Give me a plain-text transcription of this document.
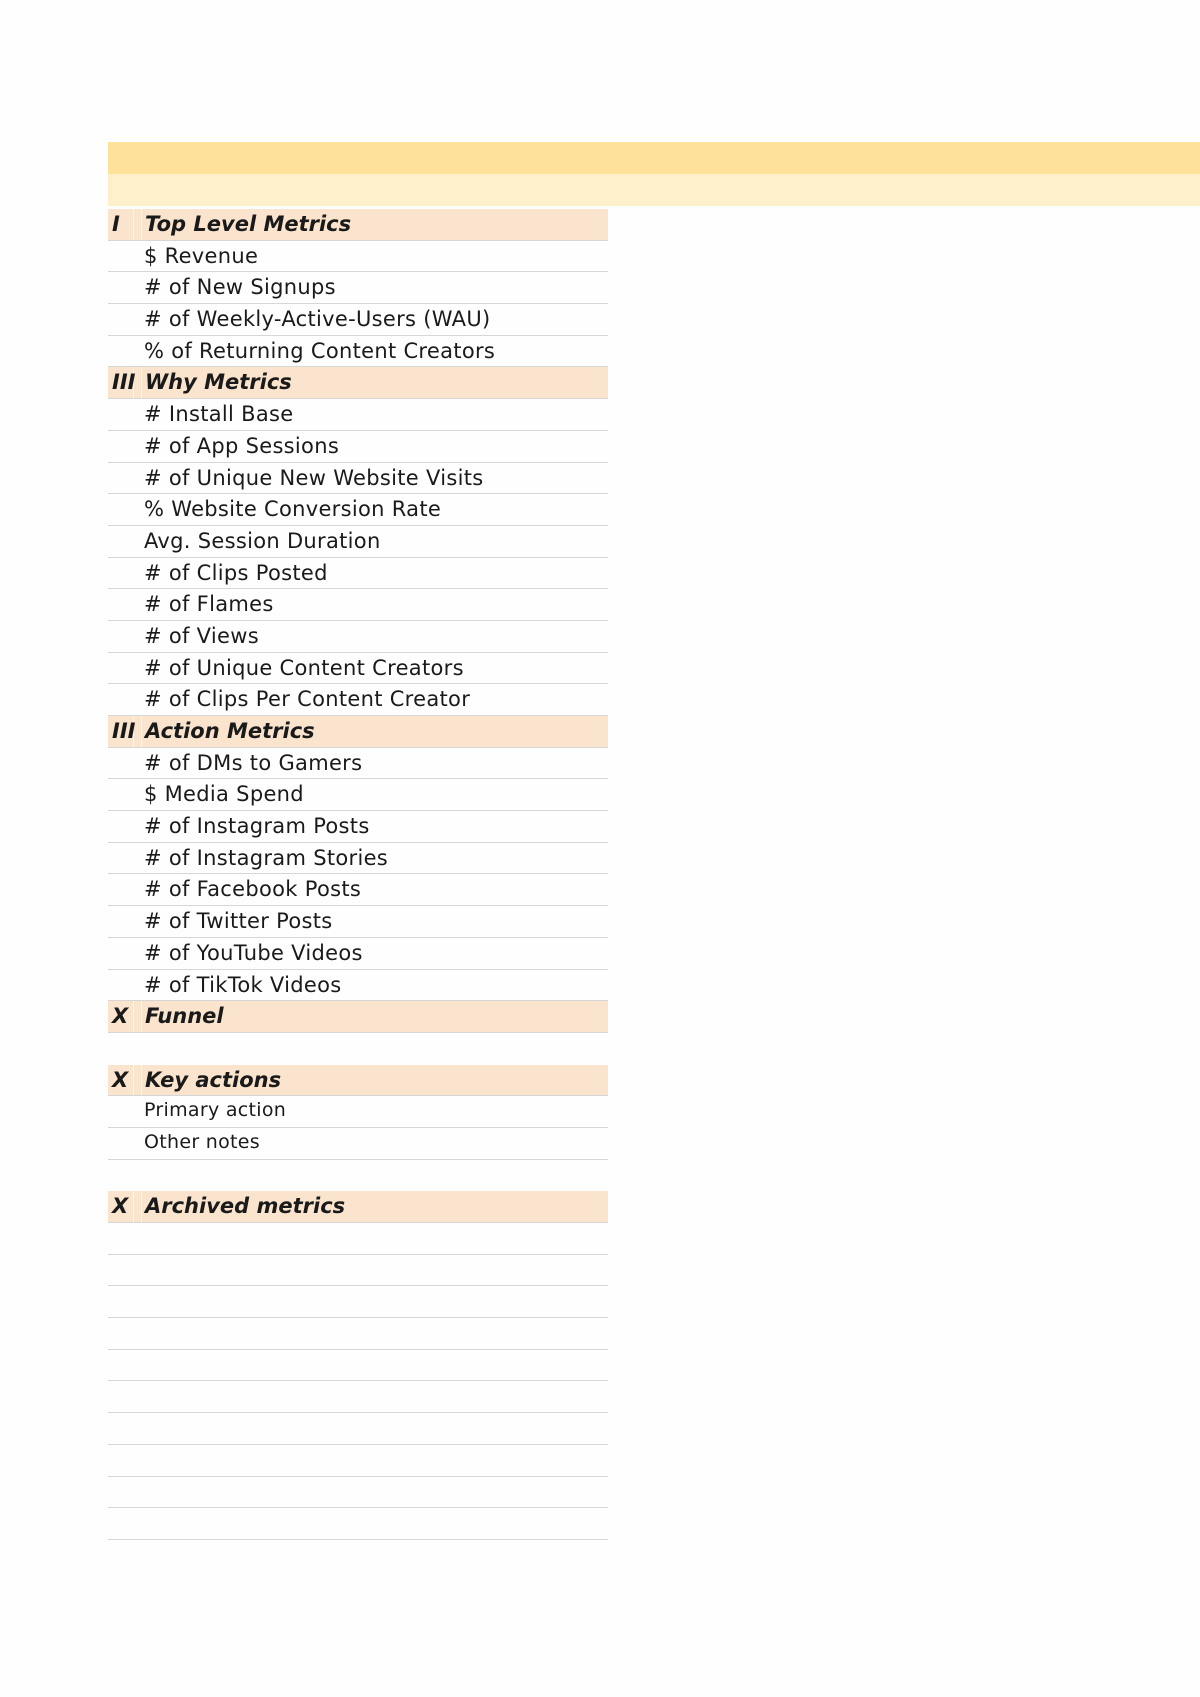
I Top Level Metrics
$ Revenue
# of New Signups
# of Weekly-Active-Users (WAU)
% of Returning Content Creators
III Why Metrics
# Install Base
# of App Sessions
# of Unique New Website Visits
% Website Conversion Rate
Avg. Session Duration
# of Clips Posted
# of Flames
# of Views
# of Unique Content Creators
# of Clips Per Content Creator
III Action Metrics
# of DMs to Gamers
$ Media Spend
# of Instagram Posts
# of Instagram Stories
# of Facebook Posts
# of Twitter Posts
# of YouTube Videos
# of TikTok Videos
X Funnel
X Key actions
Primary action
Other notes
X Archived metrics
